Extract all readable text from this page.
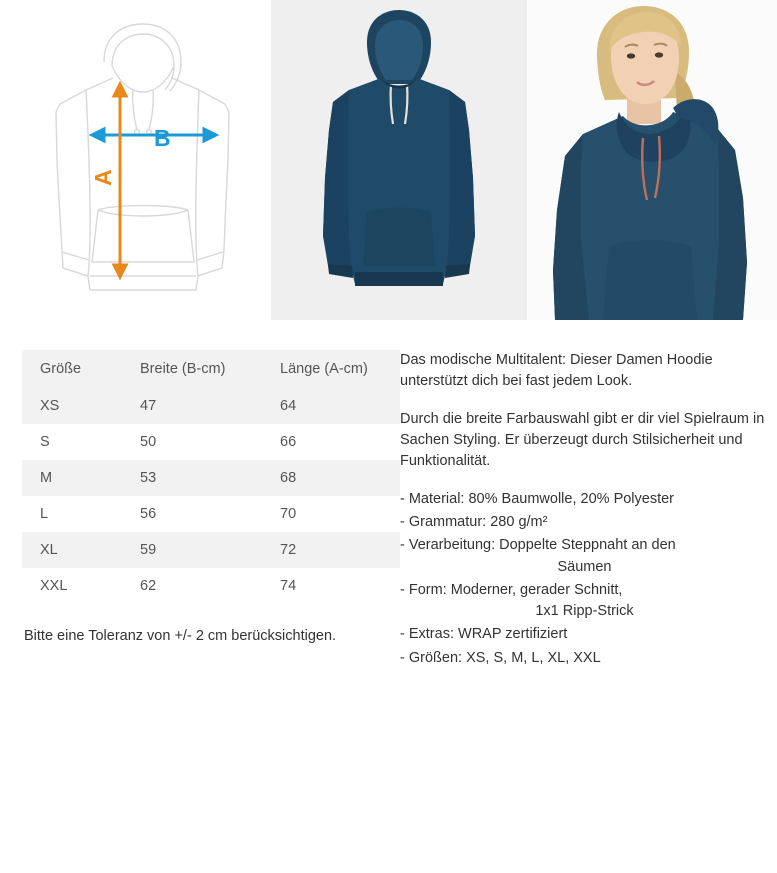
B
A
Größe	Breite (B-cm)	Länge (A-cm)
XS	47	64
S	50	66
M	53	68
L	56	70
XL	59	72
XXL	62	74
Bitte eine Toleranz von +/- 2 cm berücksichtigen.

Das modische Multitalent: Dieser Damen Hoodie unterstützt dich bei fast jedem Look.

Durch die breite Farbauswahl gibt er dir viel Spielraum in Sachen Styling. Er überzeugt durch Stilsicherheit und Funktionalität.

- Material: 80% Baumwolle, 20% Polyester
- Grammatur: 280 g/m²
- Verarbeitung: Doppelte Steppnaht an den
Säumen
- Form: Moderner, gerader Schnitt,
1x1 Ripp-Strick
- Extras: WRAP zertifiziert
- Größen: XS, S, M, L, XL, XXL
